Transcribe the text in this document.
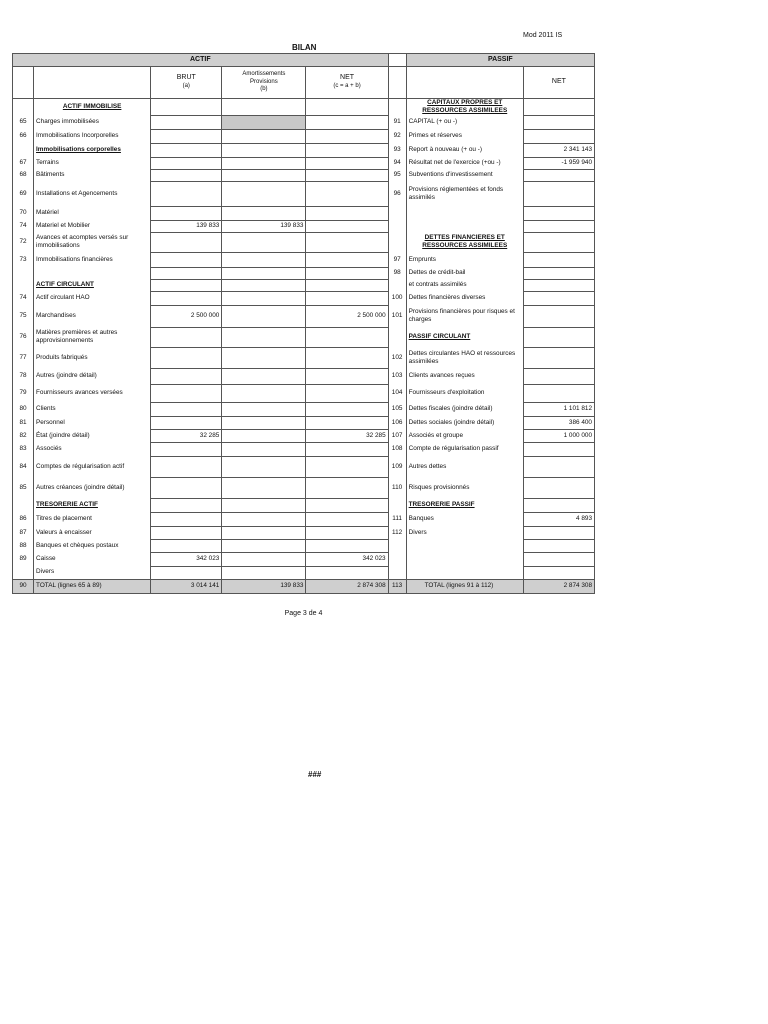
Mod 2011 IS
BILAN
ACTIF						PASSIF	
		BRUT
(a)	Amortissements
Provisions
(b)	NET
(c = a + b)			NET
	ACTIF IMMOBILISE					CAPITAUX PROPRES ET RESSOURCES ASSIMILEES	
65	Charges immobilisées				91	CAPITAL (+ ou -)	
66	Immobilisations Incorporelles				92	Primes et réserves	
	Immobilisations corporelles				93	Report à nouveau (+ ou -)	2 341 143
67	Terrains				94	Résultat net de l'exercice (+ou -)	-1 959 940
68	Bâtiments				95	Subventions d'investissement	
69	Installations et Agencements				96	Provisions réglementées et fonds assimilés	
70	Matériel						
74	Materiel et Mobilier	139 833	139 833				
72	Avances et acomptes versés sur immobilisations					DETTES FINANCIERES ET RESSOURCES ASSIMILEES	
73	Immobilisations financières				97	Emprunts	
					98	Dettes de crédit-bail	
	ACTIF CIRCULANT					et contrats assimilés	
74	Actif circulant HAO				100	Dettes financières diverses	
75	Marchandises	2 500 000		2 500 000	101	Provisions financières pour risques et charges	
76	Matières premières et autres approvisionnements					PASSIF CIRCULANT	
77	Produits fabriqués				102	Dettes circulantes HAO et ressources assimilées	
78	Autres (joindre détail)				103	Clients avances reçues	
79	Fournisseurs avances versées				104	Fournisseurs d'exploitation	
80	Clients				105	Dettes fiscales (joindre détail)	1 101 812
81	Personnel				106	Dettes sociales (joindre détail)	386 400
82	État (joindre détail)	32 285		32 285	107	Associés et groupe	1 000 000
83	Associés				108	Compte de régularisation passif	
84	Comptes de régularisation actif				109	Autres dettes	
85	Autres créances (joindre détail)				110	Risques provisionnés	
	TRESORERIE ACTIF					TRESORERIE PASSIF	
86	Titres de placement				111	Banques	4 893
87	Valeurs à encaisser				112	Divers	
88	Banques et chèques postaux						
89	Caisse	342 023		342 023			
	Divers						
90	TOTAL (lignes 65 à 89)	3 014 141	139 833	2 874 308	113	TOTAL (lignes 91 à 112)	2 874 308
Page 3 de 4
###
